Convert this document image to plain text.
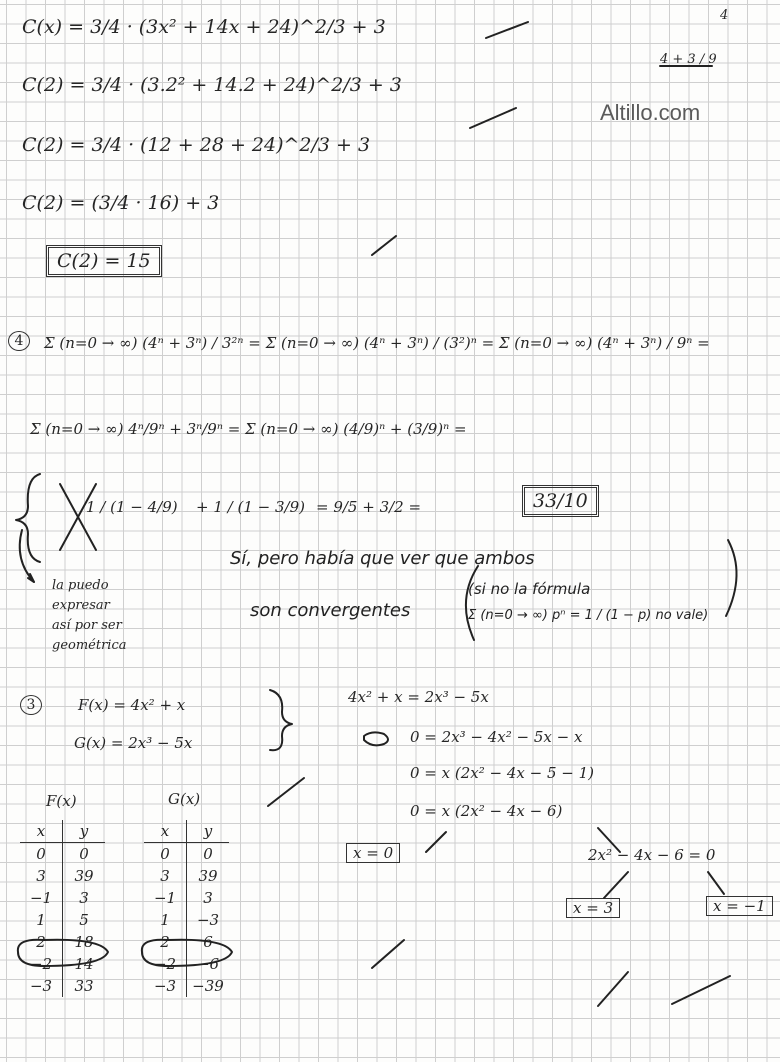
Altillo.com
4
4 + 3 / 9
C(x) = 3/4 · (3x² + 14x + 24)^2/3 + 3
C(2) = 3/4 · (3.2² + 14.2 + 24)^2/3 + 3
C(2) = 3/4 · (12 + 28 + 24)^2/3 + 3
C(2) = (3/4 · 16) + 3
C(2) = 15
4	Σ (n=0 → ∞) (4ⁿ + 3ⁿ) / 3²ⁿ = Σ (n=0 → ∞) (4ⁿ + 3ⁿ) / (3²)ⁿ = Σ (n=0 → ∞) (4ⁿ + 3ⁿ) / 9ⁿ =
Σ (n=0 → ∞) 4ⁿ/9ⁿ + 3ⁿ/9ⁿ = Σ (n=0 → ∞) (4/9)ⁿ + (3/9)ⁿ =
1 / (1 − 4/9) + 1 / (1 − 3/9) = 9/5 + 3/2 =	33/10
la puedo
expresar
así por ser
geométrica
Sí, pero había que ver que ambos
son convergentes
(si no la fórmula
Σ (n=0 → ∞) pⁿ = 1 / (1 − p) no vale)
3	F(x) = 4x² + x
G(x) = 2x³ − 5x
4x² + x = 2x³ − 5x
0 = 2x³ − 4x² − 5x − x
0 = x (2x² − 4x − 5 − 1)
0 = x (2x² − 4x − 6)
2x² − 4x − 6 = 0
x = 0
x = 3	x = −1
F(x)	G(x)
x	y
0	0
3	39
−1	3
1	5
2	18
−2	14
−3	33
x	y
0	0
3	39
−1	3
1	−3
2	6
−2	−6
−3	−39
